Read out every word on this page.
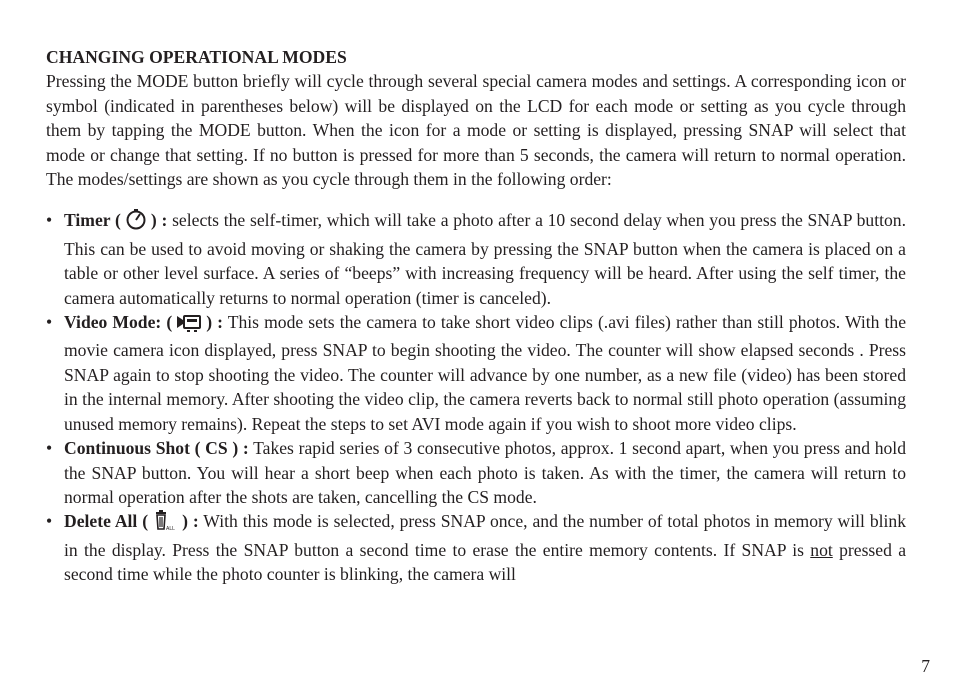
CHANGING OPERATIONAL MODES

Pressing the MODE button briefly will cycle through several special camera modes and settings. A corresponding icon or symbol (indicated in parentheses below) will be displayed on the LCD for each mode or setting as you cycle through them by tapping the MODE button. When the icon for a mode or setting is displayed, pressing SNAP will select that mode or change that setting. If no button is pressed for more than 5 seconds, the camera will return to normal operation. The modes/settings are shown as you cycle through them in the following order:

• Timer ( ) : selects the self-timer, which will take a photo after a 10 second delay when you press the SNAP button. This can be used to avoid moving or shaking the camera by pressing the SNAP button when the camera is placed on a table or other level surface. A series of “beeps” with increasing frequency will be heard. After using the self timer, the camera automatically returns to normal operation (timer is canceled).
• Video Mode: ( ) : This mode sets the camera to take short video clips (.avi files) rather than still photos. With the movie camera icon displayed, press SNAP to begin shooting the video. The counter will show elapsed seconds . Press SNAP again to stop shooting the video. The counter will advance by one number, as a new file (video) has been stored in the internal memory. After shooting the video clip, the camera reverts back to normal still photo operation (assuming unused memory remains). Repeat the steps to set AVI mode again if you wish to shoot more video clips.
• Continuous Shot ( CS ) : Takes rapid series of 3 consecutive photos, approx. 1 second apart, when you press and hold the SNAP button. You will hear a short beep when each photo is taken. As with the timer, the camera will return to normal operation after the shots are taken, cancelling the CS mode.
• Delete All (	ALL ) : With this mode is selected, press SNAP once, and the number of total photos in memory will blink in the display. Press the SNAP button a second time to erase the entire memory contents. If SNAP is not pressed a second time while the photo counter is blinking, the camera will
7
